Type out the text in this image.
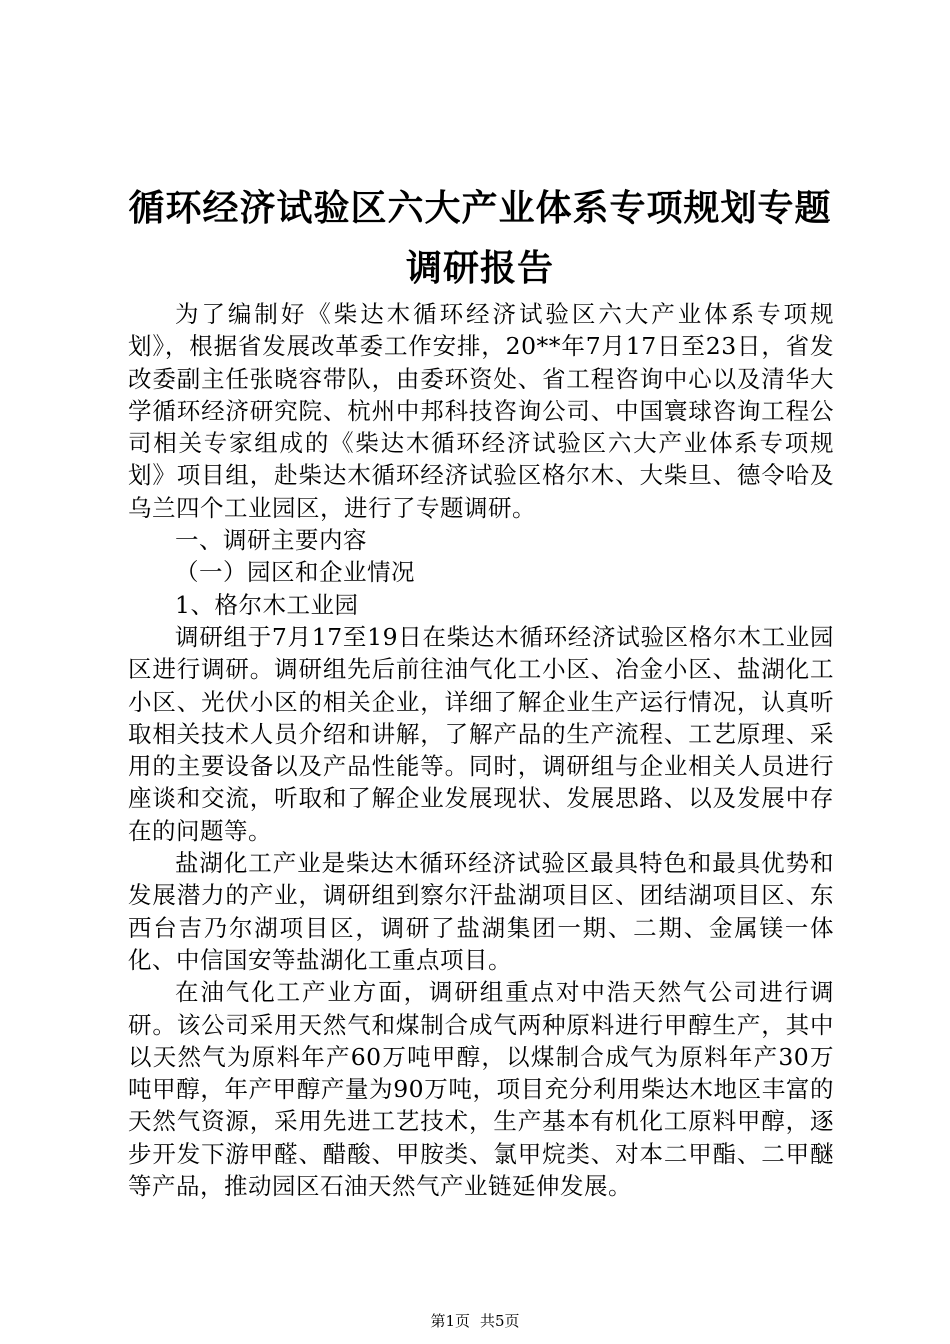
循环经济试验区六大产业体系专项规划专题调研报告

为了编制好《柴达木循环经济试验区六大产业体系专项规划》，根据省发展改革委工作安排，20**年7月17日至23日，省发改委副主任张晓容带队，由委环资处、省工程咨询中心以及清华大学循环经济研究院、杭州中邦科技咨询公司、中国寰球咨询工程公司相关专家组成的《柴达木循环经济试验区六大产业体系专项规划》项目组，赴柴达木循环经济试验区格尔木、大柴旦、德令哈及乌兰四个工业园区，进行了专题调研。

一、调研主要内容

（一）园区和企业情况

1、格尔木工业园

调研组于7月17至19日在柴达木循环经济试验区格尔木工业园区进行调研。调研组先后前往油气化工小区、冶金小区、盐湖化工小区、光伏小区的相关企业，详细了解企业生产运行情况，认真听取相关技术人员介绍和讲解，了解产品的生产流程、工艺原理、采用的主要设备以及产品性能等。同时，调研组与企业相关人员进行座谈和交流，听取和了解企业发展现状、发展思路、以及发展中存在的问题等。

盐湖化工产业是柴达木循环经济试验区最具特色和最具优势和发展潜力的产业，调研组到察尔汗盐湖项目区、团结湖项目区、东西台吉乃尔湖项目区，调研了盐湖集团一期、二期、金属镁一体化、中信国安等盐湖化工重点项目。

在油气化工产业方面，调研组重点对中浩天然气公司进行调研。该公司采用天然气和煤制合成气两种原料进行甲醇生产，其中以天然气为原料年产60万吨甲醇，以煤制合成气为原料年产30万吨甲醇，年产甲醇产量为90万吨，项目充分利用柴达木地区丰富的天然气资源，采用先进工艺技术，生产基本有机化工原料甲醇，逐步开发下游甲醛、醋酸、甲胺类、氯甲烷类、对本二甲酯、二甲醚等产品，推动园区石油天然气产业链延伸发展。

第1页 共5页
